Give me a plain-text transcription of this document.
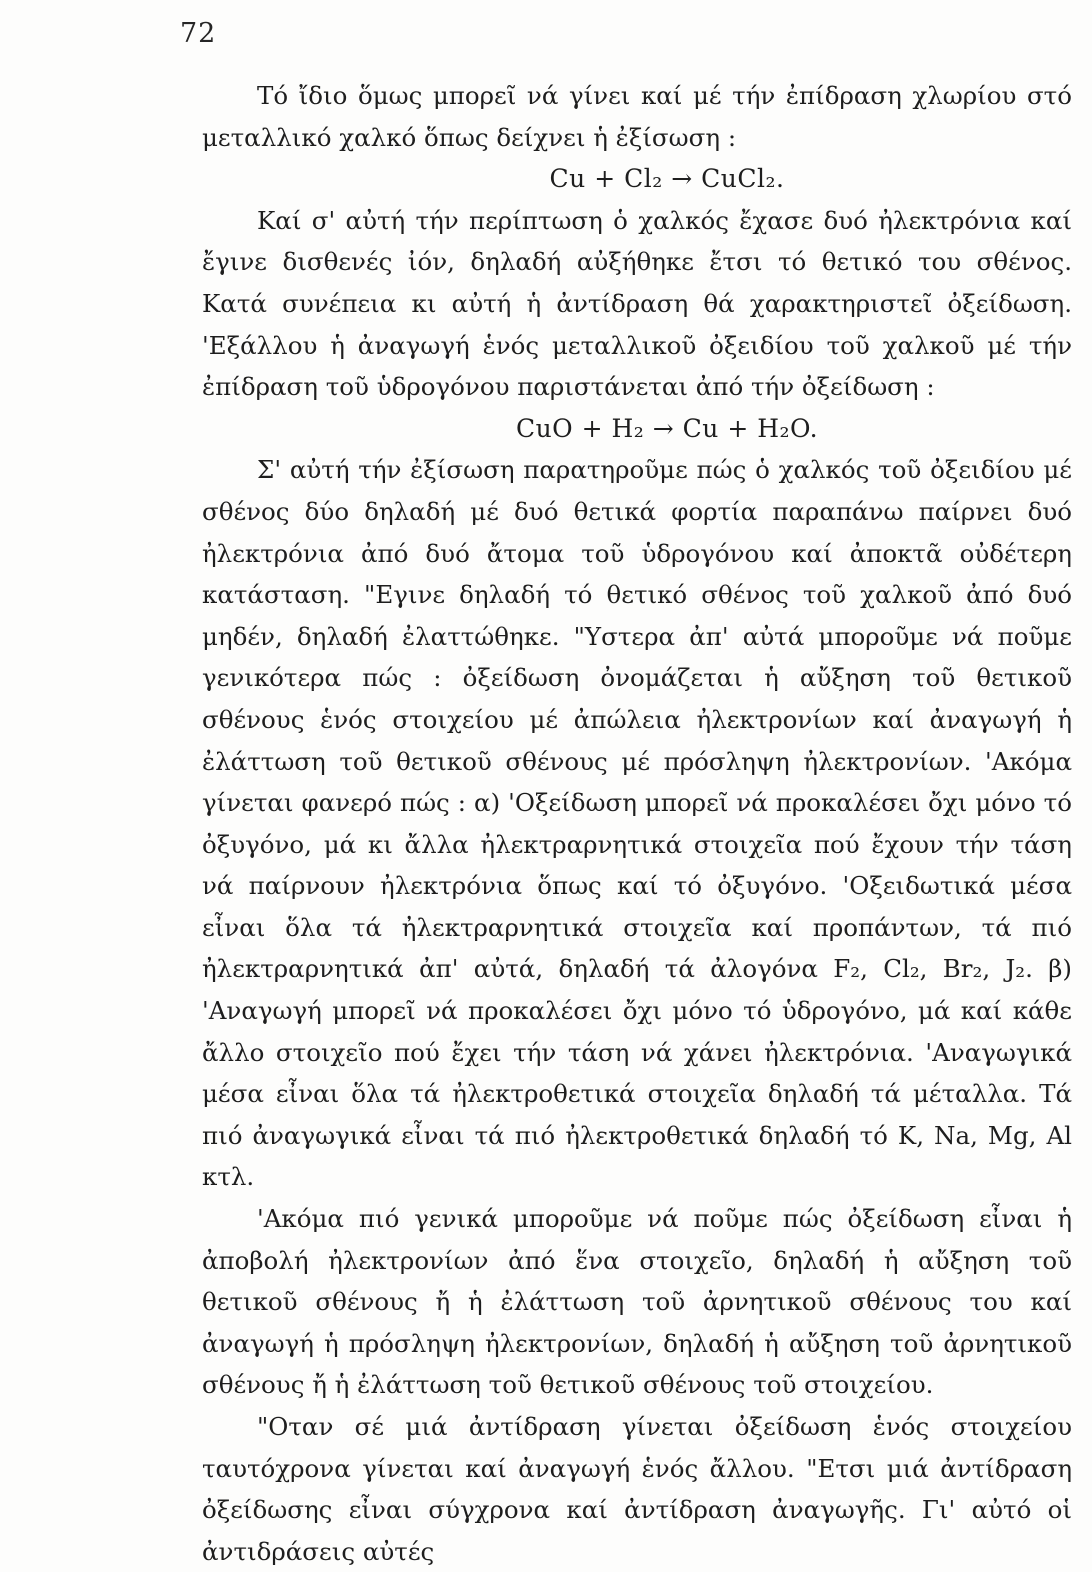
72

Τό ἴδιο ὅμως μπορεῖ νά γίνει καί μέ τήν ἐπίδραση χλωρίου στό μεταλλικό χαλκό ὅπως δείχνει ἡ ἐξίσωση :

Cu + Cl₂ → CuCl₂.

Καί σ' αὐτή τήν περίπτωση ὁ χαλκός ἔχασε δυό ἠλεκτρόνια καί ἔγινε δισθενές ἰόν, δηλαδή αὐξήθηκε ἔτσι τό θετικό του σθένος. Κατά συνέπεια κι αὐτή ἡ ἀντίδραση θά χαρακτηριστεῖ ὀξείδωση. 'Εξάλλου ἡ ἀναγωγή ἑνός μεταλλικοῦ ὀξειδίου τοῦ χαλκοῦ μέ τήν ἐπίδραση τοῦ ὑδρογόνου παριστάνεται ἀπό τήν ὀξείδωση :

CuO + H₂ → Cu + H₂O.

Σ' αὐτή τήν ἐξίσωση παρατηροῦμε πώς ὁ χαλκός τοῦ ὀξειδίου μέ σθένος δύο δηλαδή μέ δυό θετικά φορτία παραπάνω παίρνει δυό ἠλεκτρόνια ἀπό δυό ἄτομα τοῦ ὑδρογόνου καί ἀποκτᾶ οὐδέτερη κατάσταση. "Εγινε δηλαδή τό θετικό σθένος τοῦ χαλκοῦ ἀπό δυό μηδέν, δηλαδή ἐλαττώθηκε. "Υστερα ἀπ' αὐτά μποροῦμε νά ποῦμε γενικότερα πώς : ὀξείδωση ὀνομάζεται ἡ αὔξηση τοῦ θετικοῦ σθένους ἑνός στοιχείου μέ ἀπώλεια ἠλεκτρονίων καί ἀναγωγή ἡ ἐλάττωση τοῦ θετικοῦ σθένους μέ πρόσληψη ἠλεκτρονίων. 'Ακόμα γίνεται φανερό πώς : α) 'Οξείδωση μπορεῖ νά προκαλέσει ὄχι μόνο τό ὀξυγόνο, μά κι ἄλλα ἠλεκτραρνητικά στοιχεῖα πού ἔχουν τήν τάση νά παίρνουν ἠλεκτρόνια ὅπως καί τό ὀξυγόνο. 'Οξειδωτικά μέσα εἶναι ὅλα τά ἠλεκτραρνητικά στοιχεῖα καί προπάντων, τά πιό ἠλεκτραρνητικά ἀπ' αὐτά, δηλαδή τά ἀλογόνα F₂, Cl₂, Br₂, J₂. β) 'Αναγωγή μπορεῖ νά προκαλέσει ὄχι μόνο τό ὑδρογόνο, μά καί κάθε ἄλλο στοιχεῖο πού ἔχει τήν τάση νά χάνει ἠλεκτρόνια. 'Αναγωγικά μέσα εἶναι ὅλα τά ἠλεκτροθετικά στοιχεῖα δηλαδή τά μέταλλα. Τά πιό ἀναγωγικά εἶναι τά πιό ἠλεκτροθετικά δηλαδή τό K, Na, Mg, Al κτλ.

'Ακόμα πιό γενικά μποροῦμε νά ποῦμε πώς ὀξείδωση εἶναι ἡ ἀποβολή ἠλεκτρονίων ἀπό ἕνα στοιχεῖο, δηλαδή ἡ αὔξηση τοῦ θετικοῦ σθένους ἤ ἡ ἐλάττωση τοῦ ἀρνητικοῦ σθένους του καί ἀναγωγή ἡ πρόσληψη ἠλεκτρονίων, δηλαδή ἡ αὔξηση τοῦ ἀρνητικοῦ σθένους ἤ ἡ ἐλάττωση τοῦ θετικοῦ σθένους τοῦ στοιχείου.

"Οταν σέ μιά ἀντίδραση γίνεται ὀξείδωση ἑνός στοιχείου ταυτόχρονα γίνεται καί ἀναγωγή ἑνός ἄλλου. "Ετσι μιά ἀντίδραση ὀξείδωσης εἶναι σύγχρονα καί ἀντίδραση ἀναγωγῆς. Γι' αὐτό οἱ ἀντιδράσεις αὐτές
